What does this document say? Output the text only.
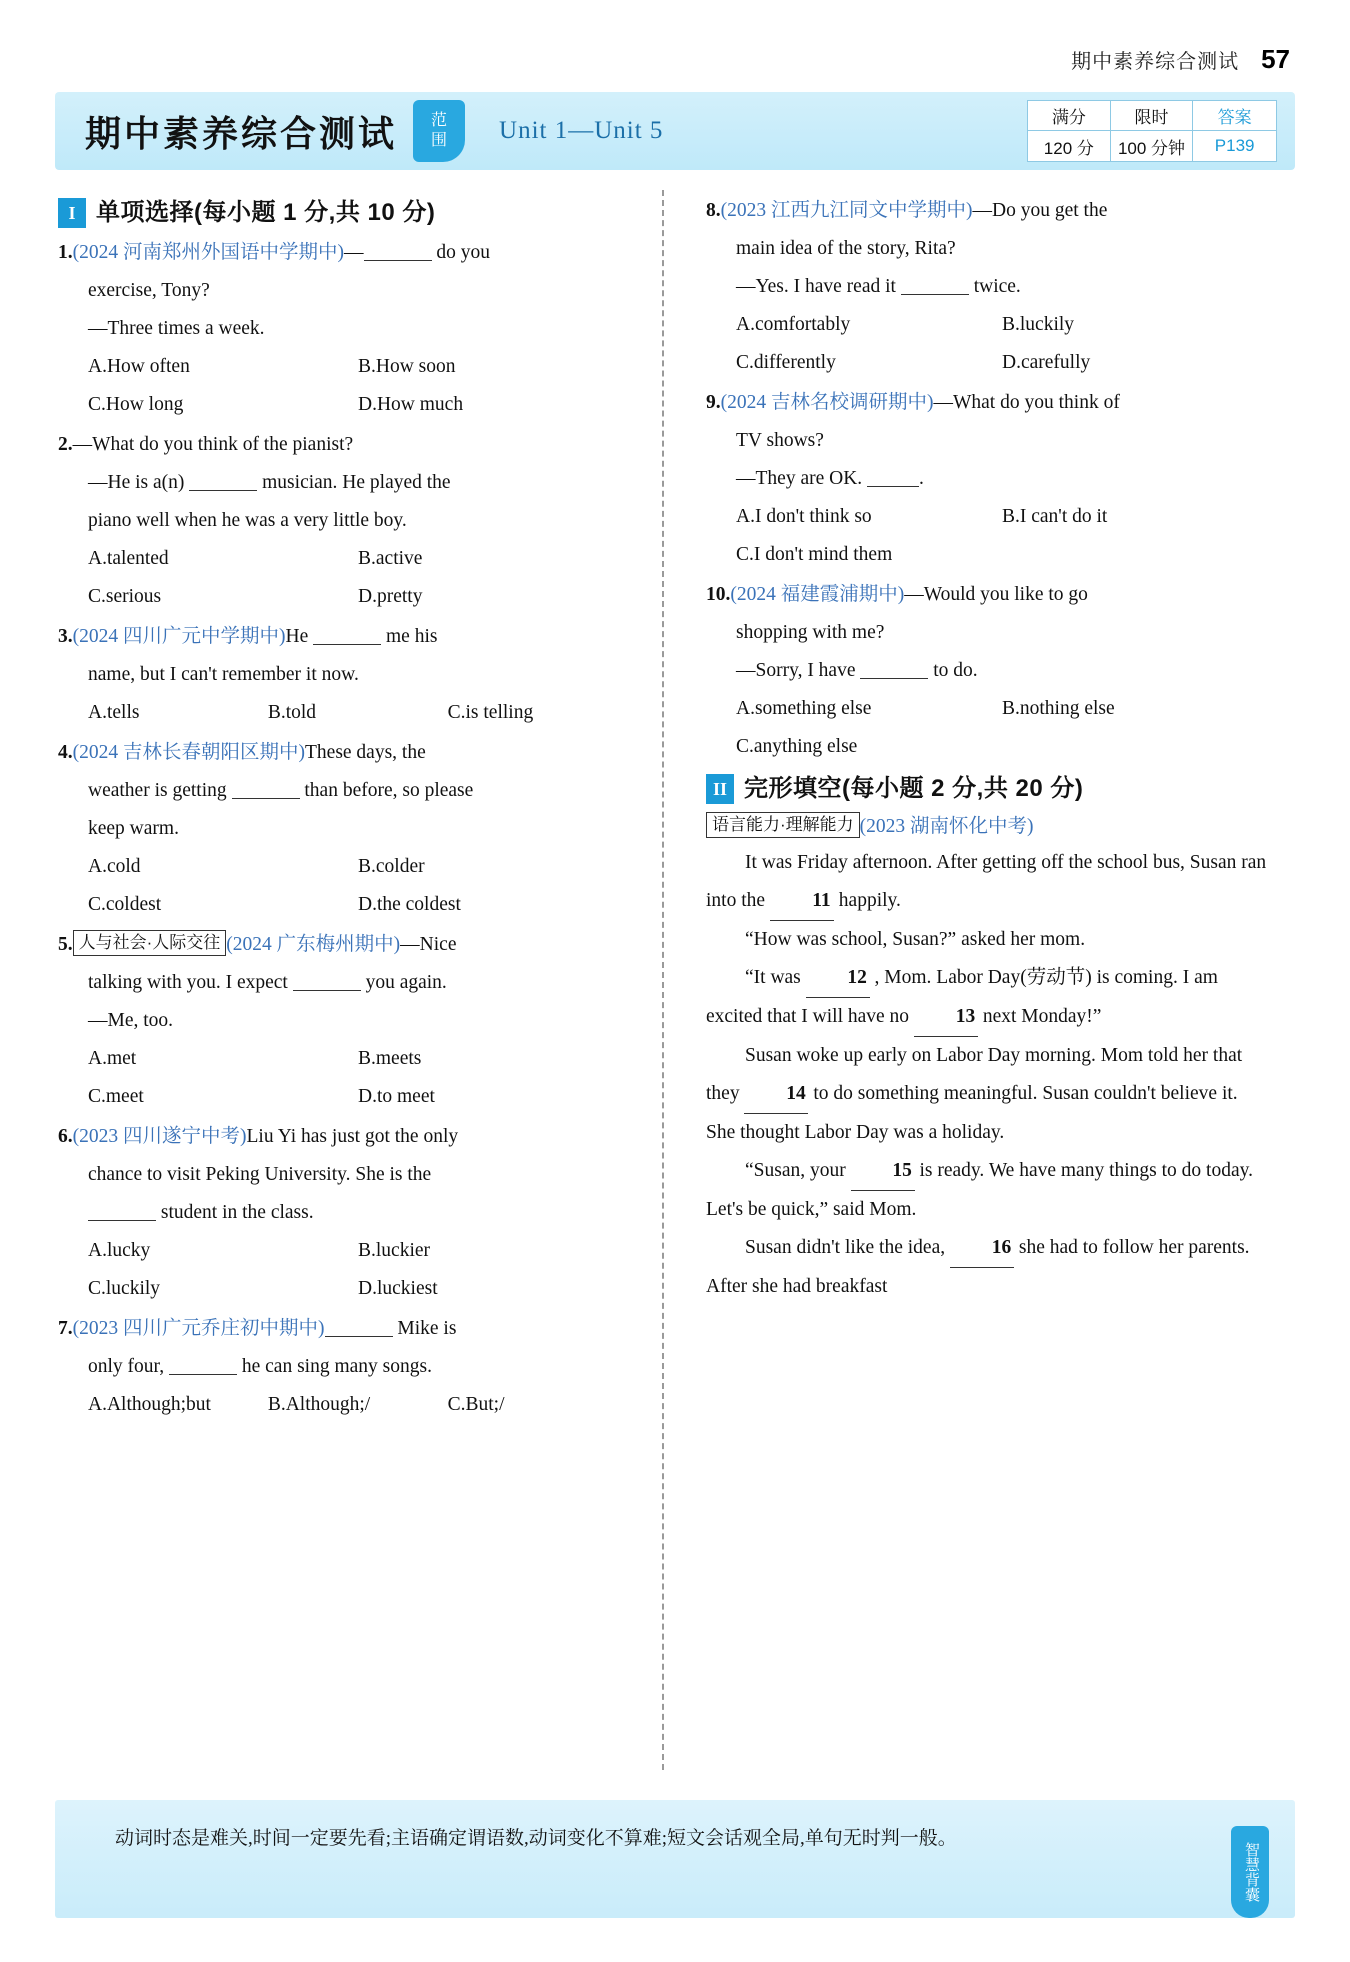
期中素养综合测试 57
期中素养综合测试 范
围 Unit 1—Unit 5	满分	限时	答案
120 分	100 分钟	P139
I 单项选择(每小题 1 分,共 10 分)
1.(2024 河南郑州外国语中学期中)—	do you
exercise, Tony?
—Three times a week.
A.How often	B.How soon
C.How long	D.How much
2.—What do you think of the pianist?
—He is a(n)	musician. He played the
piano well when he was a very little boy.
A.talented	B.active
C.serious	D.pretty
3.(2024 四川广元中学期中)He	me his
name, but I can't remember it now.
A.tells	B.told	C.is telling
4.(2024 吉林长春朝阳区期中)These days, the
weather is getting	than before, so please
keep warm.
A.cold	B.colder
C.coldest	D.the coldest
5. 人与社会·人际交往 (2024 广东梅州期中)—Nice
talking with you. I expect	you again.
—Me, too.
A.met	B.meets
C.meet	D.to meet
6.(2023 四川遂宁中考)Liu Yi has just got the only
chance to visit Peking University. She is the
student in the class.
A.lucky	B.luckier
C.luckily	D.luckiest
7.(2023 四川广元乔庄初中期中)	Mike is
only four,	he can sing many songs.
A.Although;but	B.Although;/	C.But;/
8.(2023 江西九江同文中学期中)—Do you get the
main idea of the story, Rita?
—Yes. I have read it	twice.
A.comfortably	B.luckily
C.differently	D.carefully
9.(2024 吉林名校调研期中)—What do you think of
TV shows?
—They are OK.	.
A.I don't think so	B.I can't do it
C.I don't mind them
10.(2024 福建霞浦期中)—Would you like to go
shopping with me?
—Sorry, I have	to do.
A.something else	B.nothing else
C.anything else
II 完形填空(每小题 2 分,共 20 分)
语言能力·理解能力 (2023 湖南怀化中考)
It was Friday afternoon. After getting off the school bus, Susan ran into the 11 happily.
“How was school, Susan?” asked her mom.
“It was 12 , Mom. Labor Day(劳动节) is coming. I am excited that I will have no 13 next Monday!”
Susan woke up early on Labor Day morning. Mom told her that they 14 to do something meaningful. Susan couldn't believe it. She thought Labor Day was a holiday.
“Susan, your 15 is ready. We have many things to do today. Let's be quick,” said Mom.
Susan didn't like the idea, 16 she had to follow her parents. After she had breakfast
动词时态是难关,时间一定要先看;主语确定谓语数,动词变化不算难;短文会话观全局,单句无时判一般。
智慧背囊
